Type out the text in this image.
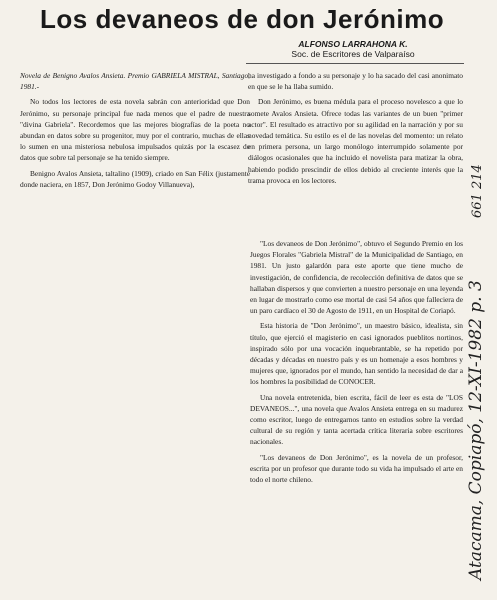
Los devaneos de don Jerónimo
ALFONSO LARRAHONA K.
Soc. de Escritores de Valparaíso

Novela de Benigno Avalos Ansieta. Premio GABRIELA MISTRAL, Santiago, 1981.-

No todos los lectores de esta novela sabrán con anterioridad que Don Jerónimo, su personaje principal fue nada menos que el padre de nuestra "divina Gabriela". Recordemos que las mejores biografías de la poeta no abundan en datos sobre su progenitor, muy por el contrario, muchas de ellas lo sumen en una misteriosa nebulosa impulsados quizás por la escasez de datos que sobre tal personaje se ha tenido siempre.

Benigno Avalos Ansieta, taltalino (1909), criado en San Félix (justamente donde naciera, en 1857, Don Jerónimo Godoy Villanueva),

ha investigado a fondo a su personaje y lo ha sacado del casi anonimato en que se le ha llaba sumido.

Don Jerónimo, es buena médula para el proceso novelesco a que lo somete Avalos Ansieta. Ofrece todas las variantes de un buen "primer actor". El resultado es atractivo por su agilidad en la narración y por su novedad temática. Su estilo es el de las novelas del momento: un relato en primera persona, un largo monólogo interrumpido solamente por diálogos ocasionales que ha incluido el novelista para matizar la obra, habiendo podido prescindir de ellos debido al creciente interés que la trama provoca en los lectores.

"Los devaneos de Don Jerónimo", obtuvo el Segundo Premio en los Juegos Florales "Gabriela Mistral" de la Municipalidad de Santiago, en 1981. Un justo galardón para este aporte que tiene mucho de investigación, de confidencia, de recolección definitiva de datos que se hallaban dispersos y que convierten a nuestro personaje en una leyenda en lugar de mostrarlo como ese mortal de casi 54 años que falleciera de un paro cardíaco el 30 de Agosto de 1911, en un Hospital de Coriapó.

Esta historia de "Don Jerónimo", un maestro básico, idealista, sin título, que ejerció el magisterio en casi ignorados pueblitos nortinos, inspirado sólo por una vocación inquebrantable, se ha repetido por décadas y décadas en nuestro país y es un homenaje a esos hombres y mujeres que, ignorados por el mundo, han sentido la necesidad de dar a los hombres la posibilidad de CONOCER.

Una novela entretenida, bien escrita, fácil de leer es esta de "LOS DEVANEOS...", una novela que Avalos Ansieta entrega en su madurez como escritor, luego de entregarnos tanto en estudios sobre la verdad cultural de su región y tanta acertada crítica literaria sobre escritores nacionales.

"Los devaneos de Don Jerónimo", es la novela de un profesor, escrita por un profesor que durante todo su vida ha impulsado el arte en todo el norte chileno.	Atacama, Copiapó, 12-XI-1982 p. 3
661 214
